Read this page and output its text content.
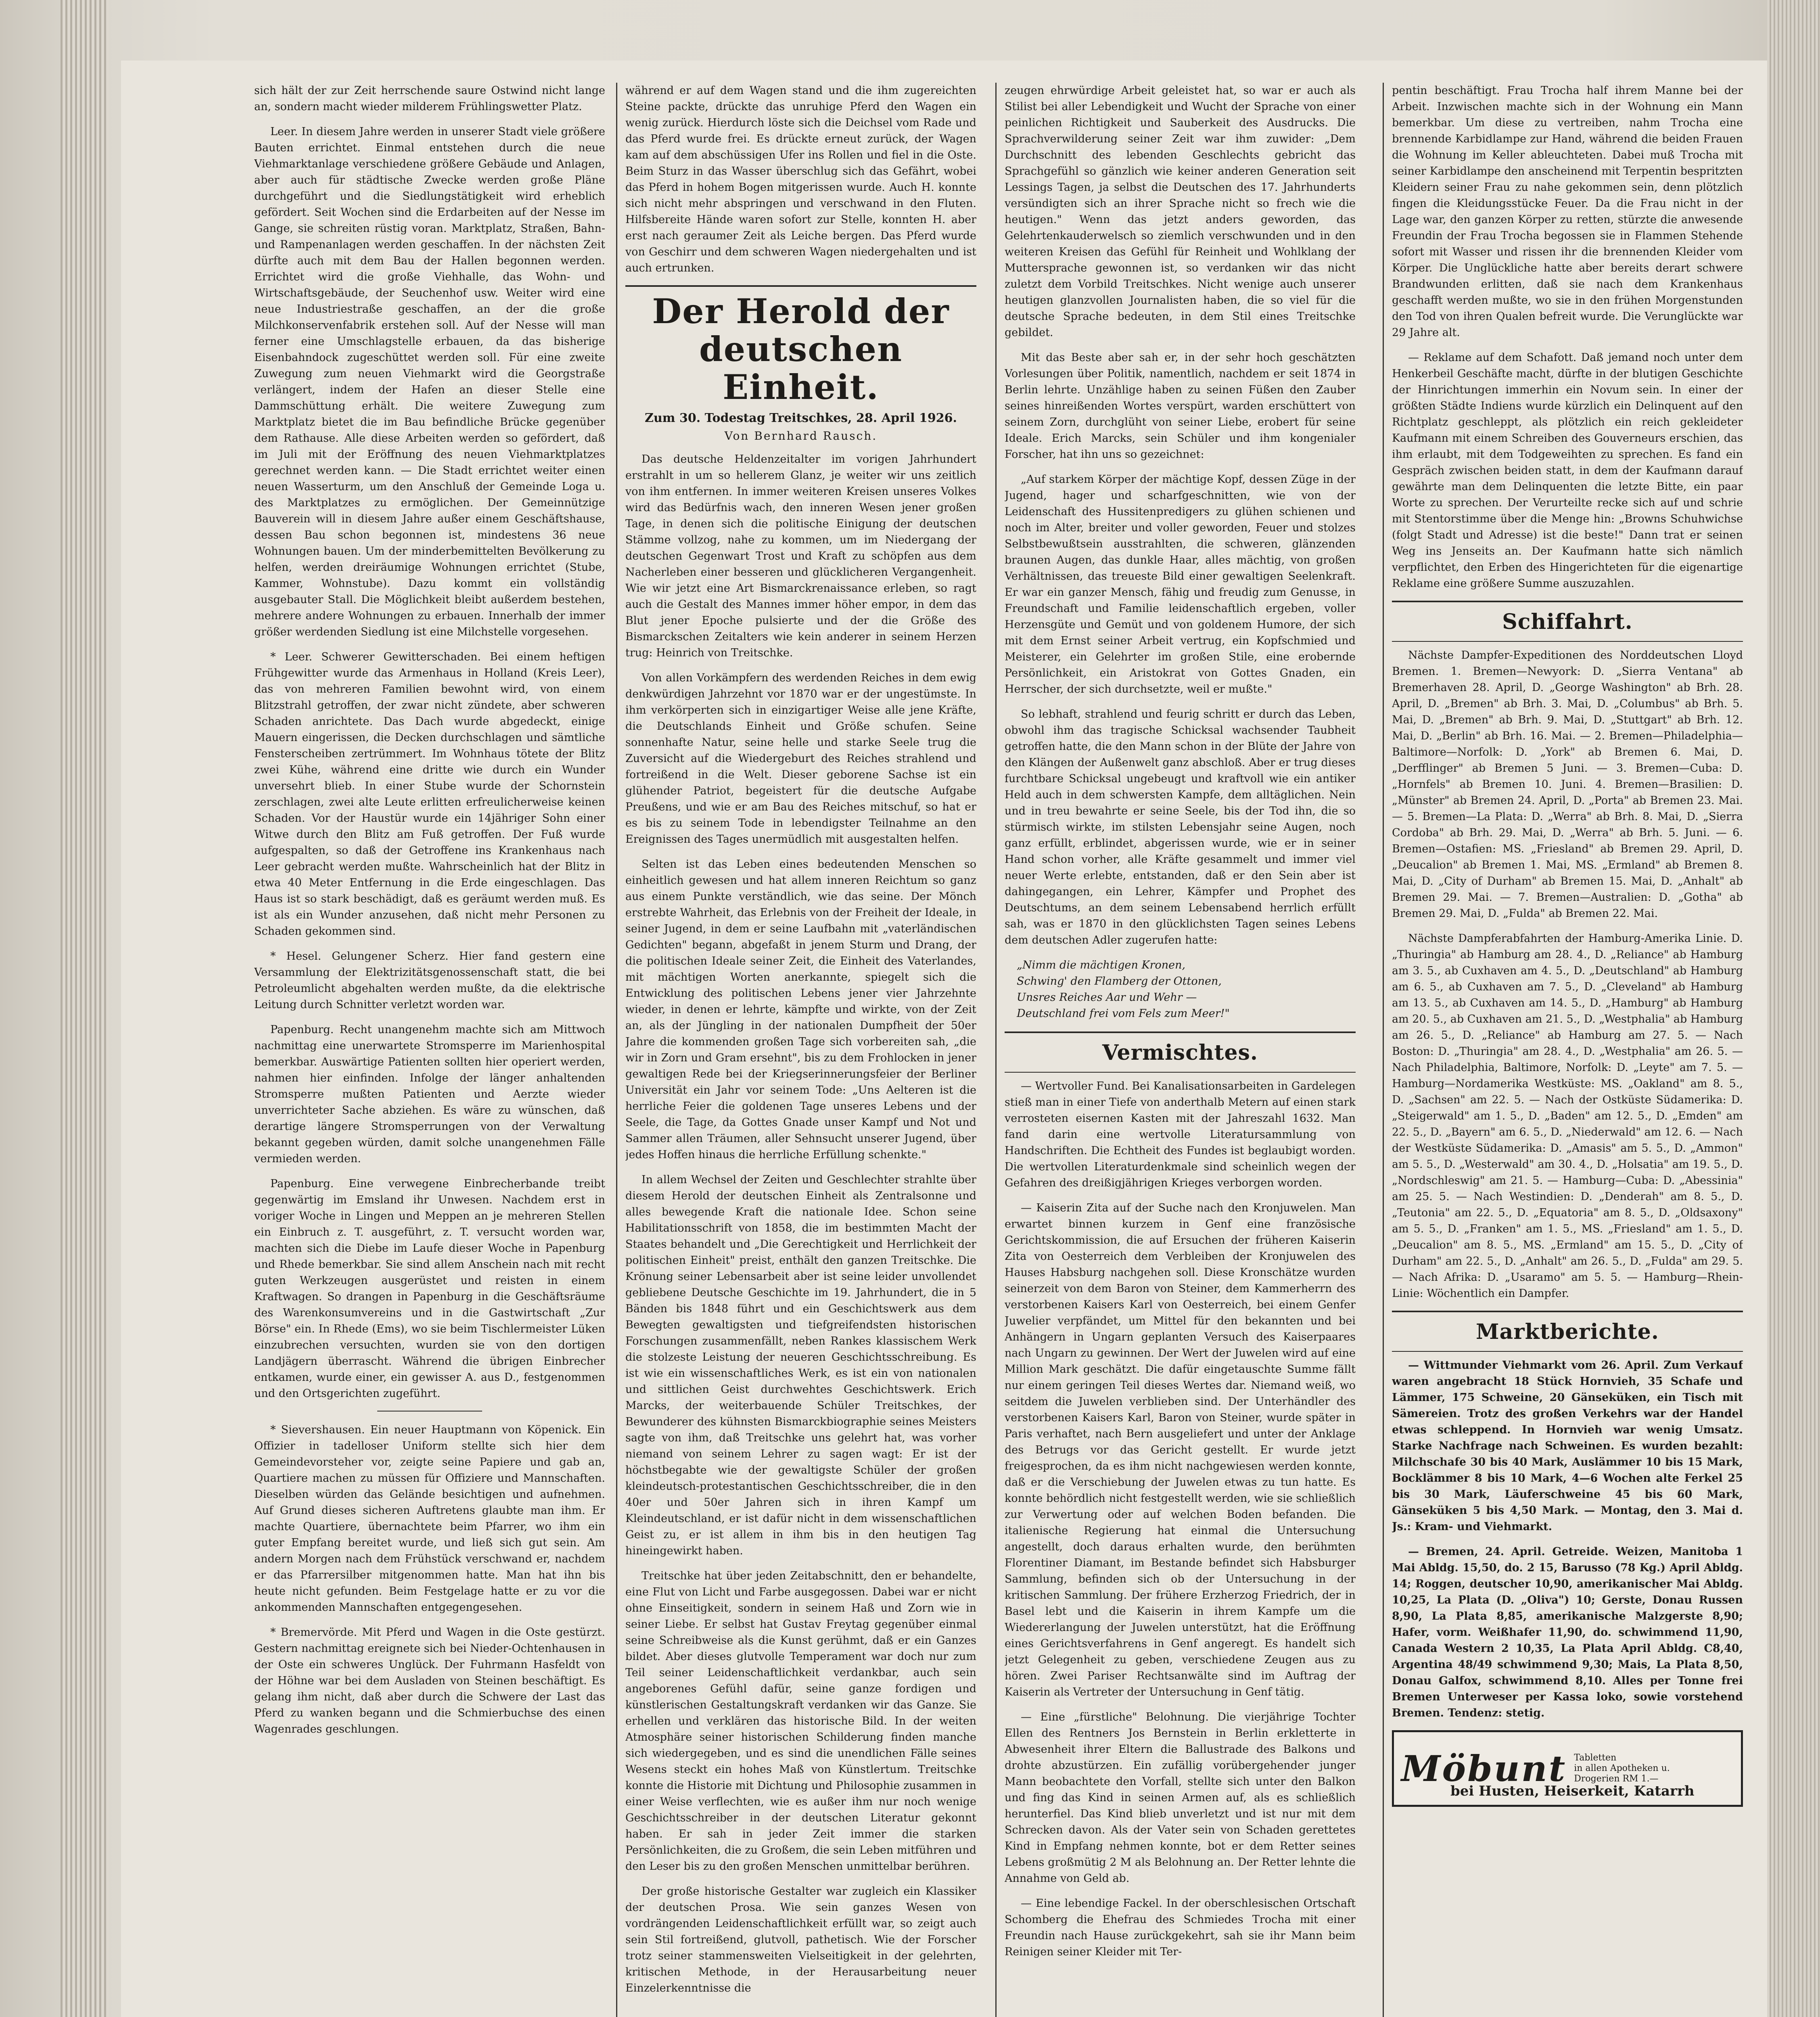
sich hält der zur Zeit herrschende saure Ostwind nicht lange an, sondern macht wieder milderem Frühlingswetter Platz.

Leer. In diesem Jahre werden in unserer Stadt viele größere Bauten errichtet. Einmal entstehen durch die neue Viehmarktanlage verschiedene größere Gebäude und Anlagen, aber auch für städtische Zwecke werden große Pläne durchgeführt und die Siedlungstätigkeit wird erheblich gefördert. Seit Wochen sind die Erdarbeiten auf der Nesse im Gange, sie schreiten rüstig voran. Marktplatz, Straßen, Bahn- und Rampenanlagen werden geschaffen. In der nächsten Zeit dürfte auch mit dem Bau der Hallen begonnen werden. Errichtet wird die große Viehhalle, das Wohn- und Wirtschaftsgebäude, der Seuchenhof usw. Weiter wird eine neue Industriestraße geschaffen, an der die große Milchkonservenfabrik erstehen soll. Auf der Nesse will man ferner eine Umschlagstelle erbauen, da das bisherige Eisenbahndock zugeschüttet werden soll. Für eine zweite Zuwegung zum neuen Viehmarkt wird die Georgstraße verlängert, indem der Hafen an dieser Stelle eine Dammschüttung erhält. Die weitere Zuwegung zum Marktplatz bietet die im Bau befindliche Brücke gegenüber dem Rathause. Alle diese Arbeiten werden so gefördert, daß im Juli mit der Eröffnung des neuen Viehmarktplatzes gerechnet werden kann. — Die Stadt errichtet weiter einen neuen Wasserturm, um den Anschluß der Gemeinde Loga u. des Marktplatzes zu ermöglichen. Der Gemeinnützige Bauverein will in diesem Jahre außer einem Geschäftshause, dessen Bau schon begonnen ist, mindestens 36 neue Wohnungen bauen. Um der minderbemittelten Bevölkerung zu helfen, werden dreiräumige Wohnungen errichtet (Stube, Kammer, Wohnstube). Dazu kommt ein vollständig ausgebauter Stall. Die Möglichkeit bleibt außerdem bestehen, mehrere andere Wohnungen zu erbauen. Innerhalb der immer größer werdenden Siedlung ist eine Milchstelle vorgesehen.

* Leer. Schwerer Gewitterschaden. Bei einem heftigen Frühgewitter wurde das Armenhaus in Holland (Kreis Leer), das von mehreren Familien bewohnt wird, von einem Blitzstrahl getroffen, der zwar nicht zündete, aber schweren Schaden anrichtete. Das Dach wurde abgedeckt, einige Mauern eingerissen, die Decken durchschlagen und sämtliche Fensterscheiben zertrümmert. Im Wohnhaus tötete der Blitz zwei Kühe, während eine dritte wie durch ein Wunder unversehrt blieb. In einer Stube wurde der Schornstein zerschlagen, zwei alte Leute erlitten erfreulicherweise keinen Schaden. Vor der Haustür wurde ein 14jähriger Sohn einer Witwe durch den Blitz am Fuß getroffen. Der Fuß wurde aufgespalten, so daß der Getroffene ins Krankenhaus nach Leer gebracht werden mußte. Wahrscheinlich hat der Blitz in etwa 40 Meter Entfernung in die Erde eingeschlagen. Das Haus ist so stark beschädigt, daß es geräumt werden muß. Es ist als ein Wunder anzusehen, daß nicht mehr Personen zu Schaden gekommen sind.

* Hesel. Gelungener Scherz. Hier fand gestern eine Versammlung der Elektrizitätsgenossenschaft statt, die bei Petroleumlicht abgehalten werden mußte, da die elektrische Leitung durch Schnitter verletzt worden war.

Papenburg. Recht unangenehm machte sich am Mittwoch nachmittag eine unerwartete Stromsperre im Marienhospital bemerkbar. Auswärtige Patienten sollten hier operiert werden, nahmen hier einfinden. Infolge der länger anhaltenden Stromsperre mußten Patienten und Aerzte wieder unverrichteter Sache abziehen. Es wäre zu wünschen, daß derartige längere Stromsperrungen von der Verwaltung bekannt gegeben würden, damit solche unangenehmen Fälle vermieden werden.

Papenburg. Eine verwegene Einbrecherbande treibt gegenwärtig im Emsland ihr Unwesen. Nachdem erst in voriger Woche in Lingen und Meppen an je mehreren Stellen ein Einbruch z. T. ausgeführt, z. T. versucht worden war, machten sich die Diebe im Laufe dieser Woche in Papenburg und Rhede bemerkbar. Sie sind allem Anschein nach mit recht guten Werkzeugen ausgerüstet und reisten in einem Kraftwagen. So drangen in Papenburg in die Geschäftsräume des Warenkonsumvereins und in die Gastwirtschaft „Zur Börse" ein. In Rhede (Ems), wo sie beim Tischlermeister Lüken einzubrechen versuchten, wurden sie von den dortigen Landjägern überrascht. Während die übrigen Einbrecher entkamen, wurde einer, ein gewisser A. aus D., festgenommen und den Ortsgerichten zugeführt.

* Sievershausen. Ein neuer Hauptmann von Köpenick. Ein Offizier in tadelloser Uniform stellte sich hier dem Gemeindevorsteher vor, zeigte seine Papiere und gab an, Quartiere machen zu müssen für Offiziere und Mannschaften. Dieselben würden das Gelände besichtigen und aufnehmen. Auf Grund dieses sicheren Auftretens glaubte man ihm. Er machte Quartiere, übernachtete beim Pfarrer, wo ihm ein guter Empfang bereitet wurde, und ließ sich gut sein. Am andern Morgen nach dem Frühstück verschwand er, nachdem er das Pfarrersilber mitgenommen hatte. Man hat ihn bis heute nicht gefunden. Beim Festgelage hatte er zu vor die ankommenden Mannschaften entgegengesehen.

* Bremervörde. Mit Pferd und Wagen in die Oste gestürzt. Gestern nachmittag ereignete sich bei Nieder-Ochtenhausen in der Oste ein schweres Unglück. Der Fuhrmann Hasfeldt von der Höhne war bei dem Ausladen von Steinen beschäftigt. Es gelang ihm nicht, daß aber durch die Schwere der Last das Pferd zu wanken begann und die Schmierbuchse des einen Wagenrades geschlungen.

während er auf dem Wagen stand und die ihm zugereichten Steine packte, drückte das unruhige Pferd den Wagen ein wenig zurück. Hierdurch löste sich die Deichsel vom Rade und das Pferd wurde frei. Es drückte erneut zurück, der Wagen kam auf dem abschüssigen Ufer ins Rollen und fiel in die Oste. Beim Sturz in das Wasser überschlug sich das Gefährt, wobei das Pferd in hohem Bogen mitgerissen wurde. Auch H. konnte sich nicht mehr abspringen und verschwand in den Fluten. Hilfsbereite Hände waren sofort zur Stelle, konnten H. aber erst nach geraumer Zeit als Leiche bergen. Das Pferd wurde von Geschirr und dem schweren Wagen niedergehalten und ist auch ertrunken.

Der Herold der deutschen Einheit.
Zum 30. Todestag Treitschkes, 28. April 1926.
Von Bernhard Rausch.

Das deutsche Heldenzeitalter im vorigen Jahrhundert erstrahlt in um so hellerem Glanz, je weiter wir uns zeitlich von ihm entfernen. In immer weiteren Kreisen unseres Volkes wird das Bedürfnis wach, den inneren Wesen jener großen Tage, in denen sich die politische Einigung der deutschen Stämme vollzog, nahe zu kommen, um im Niedergang der deutschen Gegenwart Trost und Kraft zu schöpfen aus dem Nacherleben einer besseren und glücklicheren Vergangenheit. Wie wir jetzt eine Art Bismarckrenaissance erleben, so ragt auch die Gestalt des Mannes immer höher empor, in dem das Blut jener Epoche pulsierte und der die Größe des Bismarckschen Zeitalters wie kein anderer in seinem Herzen trug: Heinrich von Treitschke.

Von allen Vorkämpfern des werdenden Reiches in dem ewig denkwürdigen Jahrzehnt vor 1870 war er der ungestümste. In ihm verkörperten sich in einzigartiger Weise alle jene Kräfte, die Deutschlands Einheit und Größe schufen. Seine sonnenhafte Natur, seine helle und starke Seele trug die Zuversicht auf die Wiedergeburt des Reiches strahlend und fortreißend in die Welt. Dieser geborene Sachse ist ein glühender Patriot, begeistert für die deutsche Aufgabe Preußens, und wie er am Bau des Reiches mitschuf, so hat er es bis zu seinem Tode in lebendigster Teilnahme an den Ereignissen des Tages unermüdlich mit ausgestalten helfen.

Selten ist das Leben eines bedeutenden Menschen so einheitlich gewesen und hat allem inneren Reichtum so ganz aus einem Punkte verständlich, wie das seine. Der Mönch erstrebte Wahrheit, das Erlebnis von der Freiheit der Ideale, in seiner Jugend, in dem er seine Laufbahn mit „vaterländischen Gedichten" begann, abgefaßt in jenem Sturm und Drang, der die politischen Ideale seiner Zeit, die Einheit des Vaterlandes, mit mächtigen Worten anerkannte, spiegelt sich die Entwicklung des politischen Lebens jener vier Jahrzehnte wieder, in denen er lehrte, kämpfte und wirkte, von der Zeit an, als der Jüngling in der nationalen Dumpfheit der 50er Jahre die kommenden großen Tage sich vorbereiten sah, „die wir in Zorn und Gram ersehnt", bis zu dem Frohlocken in jener gewaltigen Rede bei der Kriegserinnerungsfeier der Berliner Universität ein Jahr vor seinem Tode: „Uns Aelteren ist die herrliche Feier die goldenen Tage unseres Lebens und der Seele, die Tage, da Gottes Gnade unser Kampf und Not und Sammer allen Träumen, aller Sehnsucht unserer Jugend, über jedes Hoffen hinaus die herrliche Erfüllung schenkte."

In allem Wechsel der Zeiten und Geschlechter strahlte über diesem Herold der deutschen Einheit als Zentralsonne und alles bewegende Kraft die nationale Idee. Schon seine Habilitationsschrift von 1858, die im bestimmten Macht der Staates behandelt und „Die Gerechtigkeit und Herrlichkeit der politischen Einheit" preist, enthält den ganzen Treitschke. Die Krönung seiner Lebensarbeit aber ist seine leider unvollendet gebliebene Deutsche Geschichte im 19. Jahrhundert, die in 5 Bänden bis 1848 führt und ein Geschichtswerk aus dem Bewegten gewaltigsten und tiefgreifendsten historischen Forschungen zusammenfällt, neben Rankes klassischem Werk die stolzeste Leistung der neueren Geschichtsschreibung. Es ist wie ein wissenschaftliches Werk, es ist ein von nationalen und sittlichen Geist durchwehtes Geschichtswerk. Erich Marcks, der weiterbauende Schüler Treitschkes, der Bewunderer des kühnsten Bismarckbiographie seines Meisters sagte von ihm, daß Treitschke uns gelehrt hat, was vorher niemand von seinem Lehrer zu sagen wagt: Er ist der höchstbegabte wie der gewaltigste Schüler der großen kleindeutsch-protestantischen Geschichtsschreiber, die in den 40er und 50er Jahren sich in ihren Kampf um Kleindeutschland, er ist dafür nicht in dem wissenschaftlichen Geist zu, er ist allem in ihm bis in den heutigen Tag hineingewirkt haben.

Treitschke hat über jeden Zeitabschnitt, den er behandelte, eine Flut von Licht und Farbe ausgegossen. Dabei war er nicht ohne Einseitigkeit, sondern in seinem Haß und Zorn wie in seiner Liebe. Er selbst hat Gustav Freytag gegenüber einmal seine Schreibweise als die Kunst gerühmt, daß er ein Ganzes bildet. Aber dieses glutvolle Temperament war doch nur zum Teil seiner Leidenschaftlichkeit verdankbar, auch sein angeborenes Gefühl dafür, seine ganze fordigen und künstlerischen Gestaltungskraft verdanken wir das Ganze. Sie erhellen und verklären das historische Bild. In der weiten Atmosphäre seiner historischen Schilderung finden manche sich wiedergegeben, und es sind die unendlichen Fälle seines Wesens steckt ein hohes Maß von Künstlertum. Treitschke konnte die Historie mit Dichtung und Philosophie zusammen in einer Weise verflechten, wie es außer ihm nur noch wenige Geschichtsschreiber in der deutschen Literatur gekonnt haben. Er sah in jeder Zeit immer die starken Persönlichkeiten, die zu Großem, die sein Leben mitführen und den Leser bis zu den großen Menschen unmittelbar berühren.

Der große historische Gestalter war zugleich ein Klassiker der deutschen Prosa. Wie sein ganzes Wesen von vordrängenden Leidenschaftlichkeit erfüllt war, so zeigt auch sein Stil fortreißend, glutvoll, pathetisch. Wie der Forscher trotz seiner stammensweiten Vielseitigkeit in der gelehrten, kritischen Methode, in der Herausarbeitung neuer Einzelerkenntnisse die

zeugen ehrwürdige Arbeit geleistet hat, so war er auch als Stilist bei aller Lebendigkeit und Wucht der Sprache von einer peinlichen Richtigkeit und Sauberkeit des Ausdrucks. Die Sprachverwilderung seiner Zeit war ihm zuwider: „Dem Durchschnitt des lebenden Geschlechts gebricht das Sprachgefühl so gänzlich wie keiner anderen Generation seit Lessings Tagen, ja selbst die Deutschen des 17. Jahrhunderts versündigten sich an ihrer Sprache nicht so frech wie die heutigen." Wenn das jetzt anders geworden, das Gelehrtenkauderwelsch so ziemlich verschwunden und in den weiteren Kreisen das Gefühl für Reinheit und Wohlklang der Muttersprache gewonnen ist, so verdanken wir das nicht zuletzt dem Vorbild Treitschkes. Nicht wenige auch unserer heutigen glanzvollen Journalisten haben, die so viel für die deutsche Sprache bedeuten, in dem Stil eines Treitschke gebildet.

Mit das Beste aber sah er, in der sehr hoch geschätzten Vorlesungen über Politik, namentlich, nachdem er seit 1874 in Berlin lehrte. Unzählige haben zu seinen Füßen den Zauber seines hinreißenden Wortes verspürt, warden erschüttert von seinem Zorn, durchglüht von seiner Liebe, erobert für seine Ideale. Erich Marcks, sein Schüler und ihm kongenialer Forscher, hat ihn uns so gezeichnet:

„Auf starkem Körper der mächtige Kopf, dessen Züge in der Jugend, hager und scharfgeschnitten, wie von der Leidenschaft des Hussitenpredigers zu glühen schienen und noch im Alter, breiter und voller geworden, Feuer und stolzes Selbstbewußtsein ausstrahlten, die schweren, glänzenden braunen Augen, das dunkle Haar, alles mächtig, von großen Verhältnissen, das treueste Bild einer gewaltigen Seelenkraft. Er war ein ganzer Mensch, fähig und freudig zum Genusse, in Freundschaft und Familie leidenschaftlich ergeben, voller Herzensgüte und Gemüt und von goldenem Humore, der sich mit dem Ernst seiner Arbeit vertrug, ein Kopfschmied und Meisterer, ein Gelehrter im großen Stile, eine erobernde Persönlichkeit, ein Aristokrat von Gottes Gnaden, ein Herrscher, der sich durchsetzte, weil er mußte."

So lebhaft, strahlend und feurig schritt er durch das Leben, obwohl ihm das tragische Schicksal wachsender Taubheit getroffen hatte, die den Mann schon in der Blüte der Jahre von den Klängen der Außenwelt ganz abschloß. Aber er trug dieses furchtbare Schicksal ungebeugt und kraftvoll wie ein antiker Held auch in dem schwersten Kampfe, dem alltäglichen. Nein und in treu bewahrte er seine Seele, bis der Tod ihn, die so stürmisch wirkte, im stilsten Lebensjahr seine Augen, noch ganz erfüllt, erblindet, abgerissen wurde, wie er in seiner Hand schon vorher, alle Kräfte gesammelt und immer viel neuer Werte erlebte, entstanden, daß er den Sein aber ist dahingegangen, ein Lehrer, Kämpfer und Prophet des Deutschtums, an dem seinem Lebensabend herrlich erfüllt sah, was er 1870 in den glücklichsten Tagen seines Lebens dem deutschen Adler zugerufen hatte:

„Nimm die mächtigen Kronen,
Schwing' den Flamberg der Ottonen,
Unsres Reiches Aar und Wehr —
Deutschland frei vom Fels zum Meer!"

Vermischtes.

— Wertvoller Fund. Bei Kanalisationsarbeiten in Gardelegen stieß man in einer Tiefe von anderthalb Metern auf einen stark verrosteten eisernen Kasten mit der Jahreszahl 1632. Man fand darin eine wertvolle Literatursammlung von Handschriften. Die Echtheit des Fundes ist beglaubigt worden. Die wertvollen Literaturdenkmale sind scheinlich wegen der Gefahren des dreißigjährigen Krieges verborgen worden.

— Kaiserin Zita auf der Suche nach den Kronjuwelen. Man erwartet binnen kurzem in Genf eine französische Gerichtskommission, die auf Ersuchen der früheren Kaiserin Zita von Oesterreich dem Verbleiben der Kronjuwelen des Hauses Habsburg nachgehen soll. Diese Kronschätze wurden seinerzeit von dem Baron von Steiner, dem Kammerherrn des verstorbenen Kaisers Karl von Oesterreich, bei einem Genfer Juwelier verpfändet, um Mittel für den bekannten und bei Anhängern in Ungarn geplanten Versuch des Kaiserpaares nach Ungarn zu gewinnen. Der Wert der Juwelen wird auf eine Million Mark geschätzt. Die dafür eingetauschte Summe fällt nur einem geringen Teil dieses Wertes dar. Niemand weiß, wo seitdem die Juwelen verblieben sind. Der Unterhändler des verstorbenen Kaisers Karl, Baron von Steiner, wurde später in Paris verhaftet, nach Bern ausgeliefert und unter der Anklage des Betrugs vor das Gericht gestellt. Er wurde jetzt freigesprochen, da es ihm nicht nachgewiesen werden konnte, daß er die Verschiebung der Juwelen etwas zu tun hatte. Es konnte behördlich nicht festgestellt werden, wie sie schließlich zur Verwertung oder auf welchen Boden befanden. Die italienische Regierung hat einmal die Untersuchung angestellt, doch daraus erhalten wurde, den berühmten Florentiner Diamant, im Bestande befindet sich Habsburger Sammlung, befinden sich ob der Untersuchung in der kritischen Sammlung. Der frühere Erzherzog Friedrich, der in Basel lebt und die Kaiserin in ihrem Kampfe um die Wiedererlangung der Juwelen unterstützt, hat die Eröffnung eines Gerichtsverfahrens in Genf angeregt. Es handelt sich jetzt Gelegenheit zu geben, verschiedene Zeugen aus zu hören. Zwei Pariser Rechtsanwälte sind im Auftrag der Kaiserin als Vertreter der Untersuchung in Genf tätig.

— Eine „fürstliche" Belohnung. Die vierjährige Tochter Ellen des Rentners Jos Bernstein in Berlin erkletterte in Abwesenheit ihrer Eltern die Ballustrade des Balkons und drohte abzustürzen. Ein zufällig vorübergehender junger Mann beobachtete den Vorfall, stellte sich unter den Balkon und fing das Kind in seinen Armen auf, als es schließlich herunterfiel. Das Kind blieb unverletzt und ist nur mit dem Schrecken davon. Als der Vater sein von Schaden gerettetes Kind in Empfang nehmen konnte, bot er dem Retter seines Lebens großmütig 2 M als Belohnung an. Der Retter lehnte die Annahme von Geld ab.

— Eine lebendige Fackel. In der oberschlesischen Ortschaft Schomberg die Ehefrau des Schmiedes Trocha mit einer Freundin nach Hause zurückgekehrt, sah sie ihr Mann beim Reinigen seiner Kleider mit Ter-

pentin beschäftigt. Frau Trocha half ihrem Manne bei der Arbeit. Inzwischen machte sich in der Wohnung ein Mann bemerkbar. Um diese zu vertreiben, nahm Trocha eine brennende Karbidlampe zur Hand, während die beiden Frauen die Wohnung im Keller ableuchteten. Dabei muß Trocha mit seiner Karbidlampe den anscheinend mit Terpentin bespritzten Kleidern seiner Frau zu nahe gekommen sein, denn plötzlich fingen die Kleidungsstücke Feuer. Da die Frau nicht in der Lage war, den ganzen Körper zu retten, stürzte die anwesende Freundin der Frau Trocha begossen sie in Flammen Stehende sofort mit Wasser und rissen ihr die brennenden Kleider vom Körper. Die Unglückliche hatte aber bereits derart schwere Brandwunden erlitten, daß sie nach dem Krankenhaus geschafft werden mußte, wo sie in den frühen Morgenstunden den Tod von ihren Qualen befreit wurde. Die Verunglückte war 29 Jahre alt.

— Reklame auf dem Schafott. Daß jemand noch unter dem Henkerbeil Geschäfte macht, dürfte in der blutigen Geschichte der Hinrichtungen immerhin ein Novum sein. In einer der größten Städte Indiens wurde kürzlich ein Delinquent auf den Richtplatz geschleppt, als plötzlich ein reich gekleideter Kaufmann mit einem Schreiben des Gouverneurs erschien, das ihm erlaubt, mit dem Todgeweihten zu sprechen. Es fand ein Gespräch zwischen beiden statt, in dem der Kaufmann darauf gewährte man dem Delinquenten die letzte Bitte, ein paar Worte zu sprechen. Der Verurteilte recke sich auf und schrie mit Stentorstimme über die Menge hin: „Browns Schuhwichse (folgt Stadt und Adresse) ist die beste!" Dann trat er seinen Weg ins Jenseits an. Der Kaufmann hatte sich nämlich verpflichtet, den Erben des Hingerichteten für die eigenartige Reklame eine größere Summe auszuzahlen.

Schiffahrt.

Nächste Dampfer-Expeditionen des Norddeutschen Lloyd Bremen. 1. Bremen—Newyork: D. „Sierra Ventana" ab Bremerhaven 28. April, D. „George Washington" ab Brh. 28. April, D. „Bremen" ab Brh. 3. Mai, D. „Columbus" ab Brh. 5. Mai, D. „Bremen" ab Brh. 9. Mai, D. „Stuttgart" ab Brh. 12. Mai, D. „Berlin" ab Brh. 16. Mai. — 2. Bremen—Philadelphia—Baltimore—Norfolk: D. „York" ab Bremen 6. Mai, D. „Derfflinger" ab Bremen 5 Juni. — 3. Bremen—Cuba: D. „Hornfels" ab Bremen 10. Juni. 4. Bremen—Brasilien: D. „Münster" ab Bremen 24. April, D. „Porta" ab Bremen 23. Mai. — 5. Bremen—La Plata: D. „Werra" ab Brh. 8. Mai, D. „Sierra Cordoba" ab Brh. 29. Mai, D. „Werra" ab Brh. 5. Juni. — 6. Bremen—Ostafien: MS. „Friesland" ab Bremen 29. April, D. „Deucalion" ab Bremen 1. Mai, MS. „Ermland" ab Bremen 8. Mai, D. „City of Durham" ab Bremen 15. Mai, D. „Anhalt" ab Bremen 29. Mai. — 7. Bremen—Australien: D. „Gotha" ab Bremen 29. Mai, D. „Fulda" ab Bremen 22. Mai.

Nächste Dampferabfahrten der Hamburg-Amerika Linie. D. „Thuringia" ab Hamburg am 28. 4., D. „Reliance" ab Hamburg am 3. 5., ab Cuxhaven am 4. 5., D. „Deutschland" ab Hamburg am 6. 5., ab Cuxhaven am 7. 5., D. „Cleveland" ab Hamburg am 13. 5., ab Cuxhaven am 14. 5., D. „Hamburg" ab Hamburg am 20. 5., ab Cuxhaven am 21. 5., D. „Westphalia" ab Hamburg am 26. 5., D. „Reliance" ab Hamburg am 27. 5. — Nach Boston: D. „Thuringia" am 28. 4., D. „Westphalia" am 26. 5. — Nach Philadelphia, Baltimore, Norfolk: D. „Leyte" am 7. 5. — Hamburg—Nordamerika Westküste: MS. „Oakland" am 8. 5., D. „Sachsen" am 22. 5. — Nach der Ostküste Südamerika: D. „Steigerwald" am 1. 5., D. „Baden" am 12. 5., D. „Emden" am 22. 5., D. „Bayern" am 6. 5., D. „Niederwald" am 12. 6. — Nach der Westküste Südamerika: D. „Amasis" am 5. 5., D. „Ammon" am 5. 5., D. „Westerwald" am 30. 4., D. „Holsatia" am 19. 5., D. „Nordschleswig" am 21. 5. — Hamburg—Cuba: D. „Abessinia" am 25. 5. — Nach Westindien: D. „Denderah" am 8. 5., D. „Teutonia" am 22. 5., D. „Equatoria" am 8. 5., D. „Oldsaxony" am 5. 5., D. „Franken" am 1. 5., MS. „Friesland" am 1. 5., D. „Deucalion" am 8. 5., MS. „Ermland" am 15. 5., D. „City of Durham" am 22. 5., D. „Anhalt" am 26. 5., D. „Fulda" am 29. 5. — Nach Afrika: D. „Usaramo" am 5. 5. — Hamburg—Rhein-Linie: Wöchentlich ein Dampfer.

Marktberichte.

— Wittmunder Viehmarkt vom 26. April. Zum Verkauf waren angebracht 18 Stück Hornvieh, 35 Schafe und Lämmer, 175 Schweine, 20 Gänseküken, ein Tisch mit Sämereien. Trotz des großen Verkehrs war der Handel etwas schleppend. In Hornvieh war wenig Umsatz. Starke Nachfrage nach Schweinen. Es wurden bezahlt: Milchschafe 30 bis 40 Mark, Auslämmer 10 bis 15 Mark, Bocklämmer 8 bis 10 Mark, 4—6 Wochen alte Ferkel 25 bis 30 Mark, Läuferschweine 45 bis 60 Mark, Gänseküken 5 bis 4,50 Mark. — Montag, den 3. Mai d. Js.: Kram- und Viehmarkt.

— Bremen, 24. April. Getreide. Weizen, Manitoba 1 Mai Abldg. 15,50, do. 2 15, Barusso (78 Kg.) April Abldg. 14; Roggen, deutscher 10,90, amerikanischer Mai Abldg. 10,25, La Plata (D. „Oliva") 10; Gerste, Donau Russen 8,90, La Plata 8,85, amerikanische Malzgerste 8,90; Hafer, vorm. Weißhafer 11,90, do. schwimmend 11,90, Canada Western 2 10,35, La Plata April Abldg. C8,40, Argentina 48/49 schwimmend 9,30; Mais, La Plata 8,50, Donau Galfox, schwimmend 8,10. Alles per Tonne frei Bremen Unterweser per Kassa loko, sowie vorstehend Bremen. Tendenz: stetig.

Möbunt Tabletten
in allen Apotheken u.
Drogerien RM 1.—
bei Husten, Heiserkeit, Katarrh
